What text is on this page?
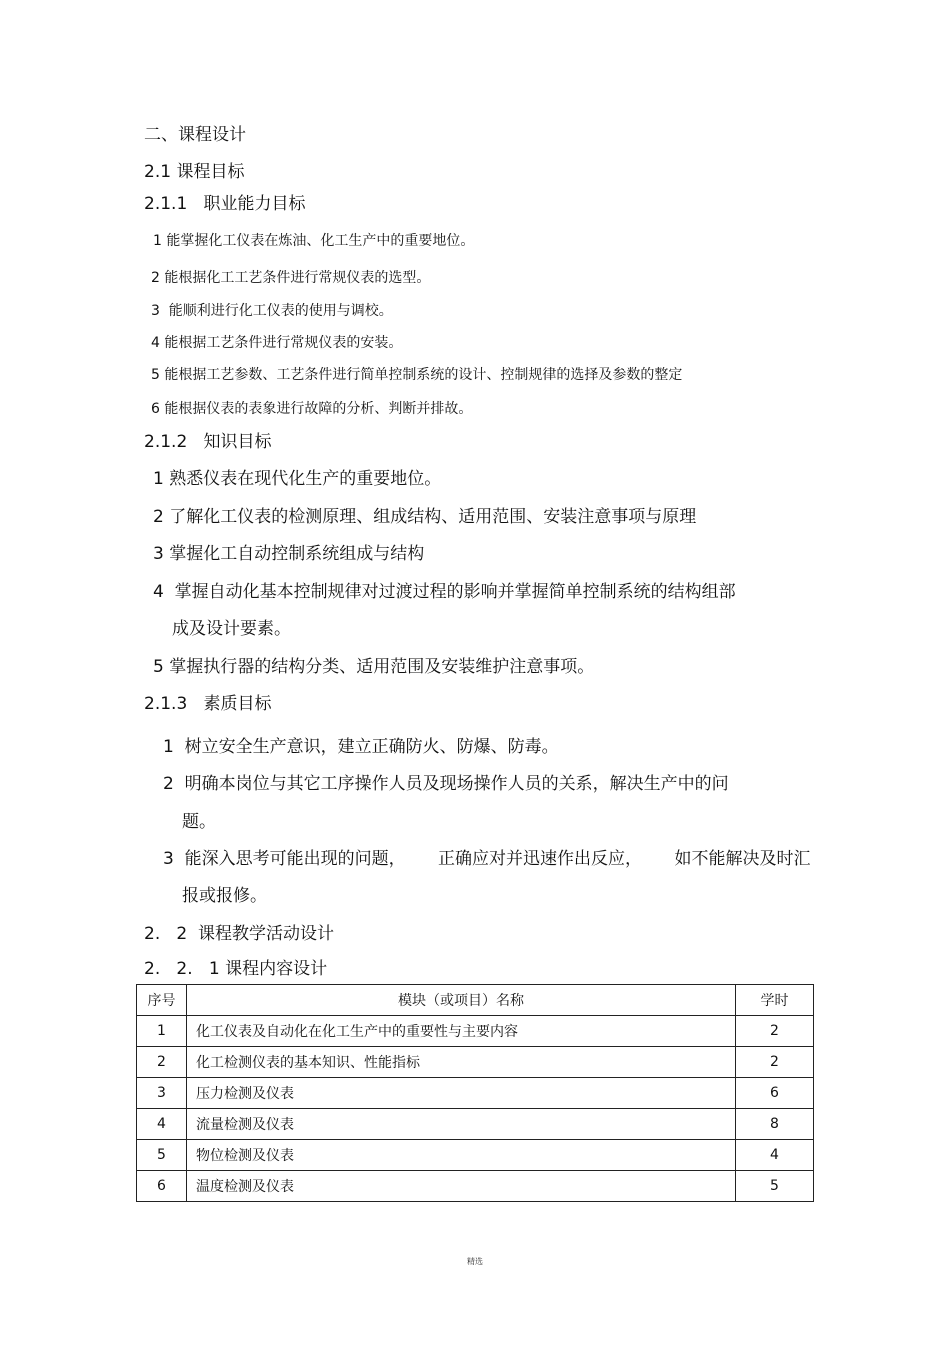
二、课程设计
2.1 课程目标
2.1.1   职业能力目标
1 能掌握化工仪表在炼油、化工生产中的重要地位。
2 能根据化工工艺条件进行常规仪表的选型。
3  能顺利进行化工仪表的使用与调校。
4 能根据工艺条件进行常规仪表的安装。
5 能根据工艺参数、工艺条件进行简单控制系统的设计、控制规律的选择及参数的整定
6 能根据仪表的表象进行故障的分析、判断并排故。
2.1.2   知识目标
1 熟悉仪表在现代化生产的重要地位。
2 了解化工仪表的检测原理、组成结构、适用范围、安装注意事项与原理
3 掌握化工自动控制系统组成与结构
4  掌握自动化基本控制规律对过渡过程的影响并掌握简单控制系统的结构组部
成及设计要素。
5 掌握执行器的结构分类、适用范围及安装维护注意事项。
2.1.3   素质目标
1  树立安全生产意识，建立正确防火、防爆、防毒。
2  明确本岗位与其它工序操作人员及现场操作人员的关系，解决生产中的问
题。
3  能深入思考可能出现的问题，      正确应对并迅速作出反应，      如不能解决及时汇
报或报修。
2.   2  课程教学活动设计
2.   2.   1 课程内容设计
序号	模块（或项目）名称	学时
1	化工仪表及自动化在化工生产中的重要性与主要内容	2
2	化工检测仪表的基本知识、性能指标	2
3	压力检测及仪表	6
4	流量检测及仪表	8
5	物位检测及仪表	4
6	温度检测及仪表	5
精选
